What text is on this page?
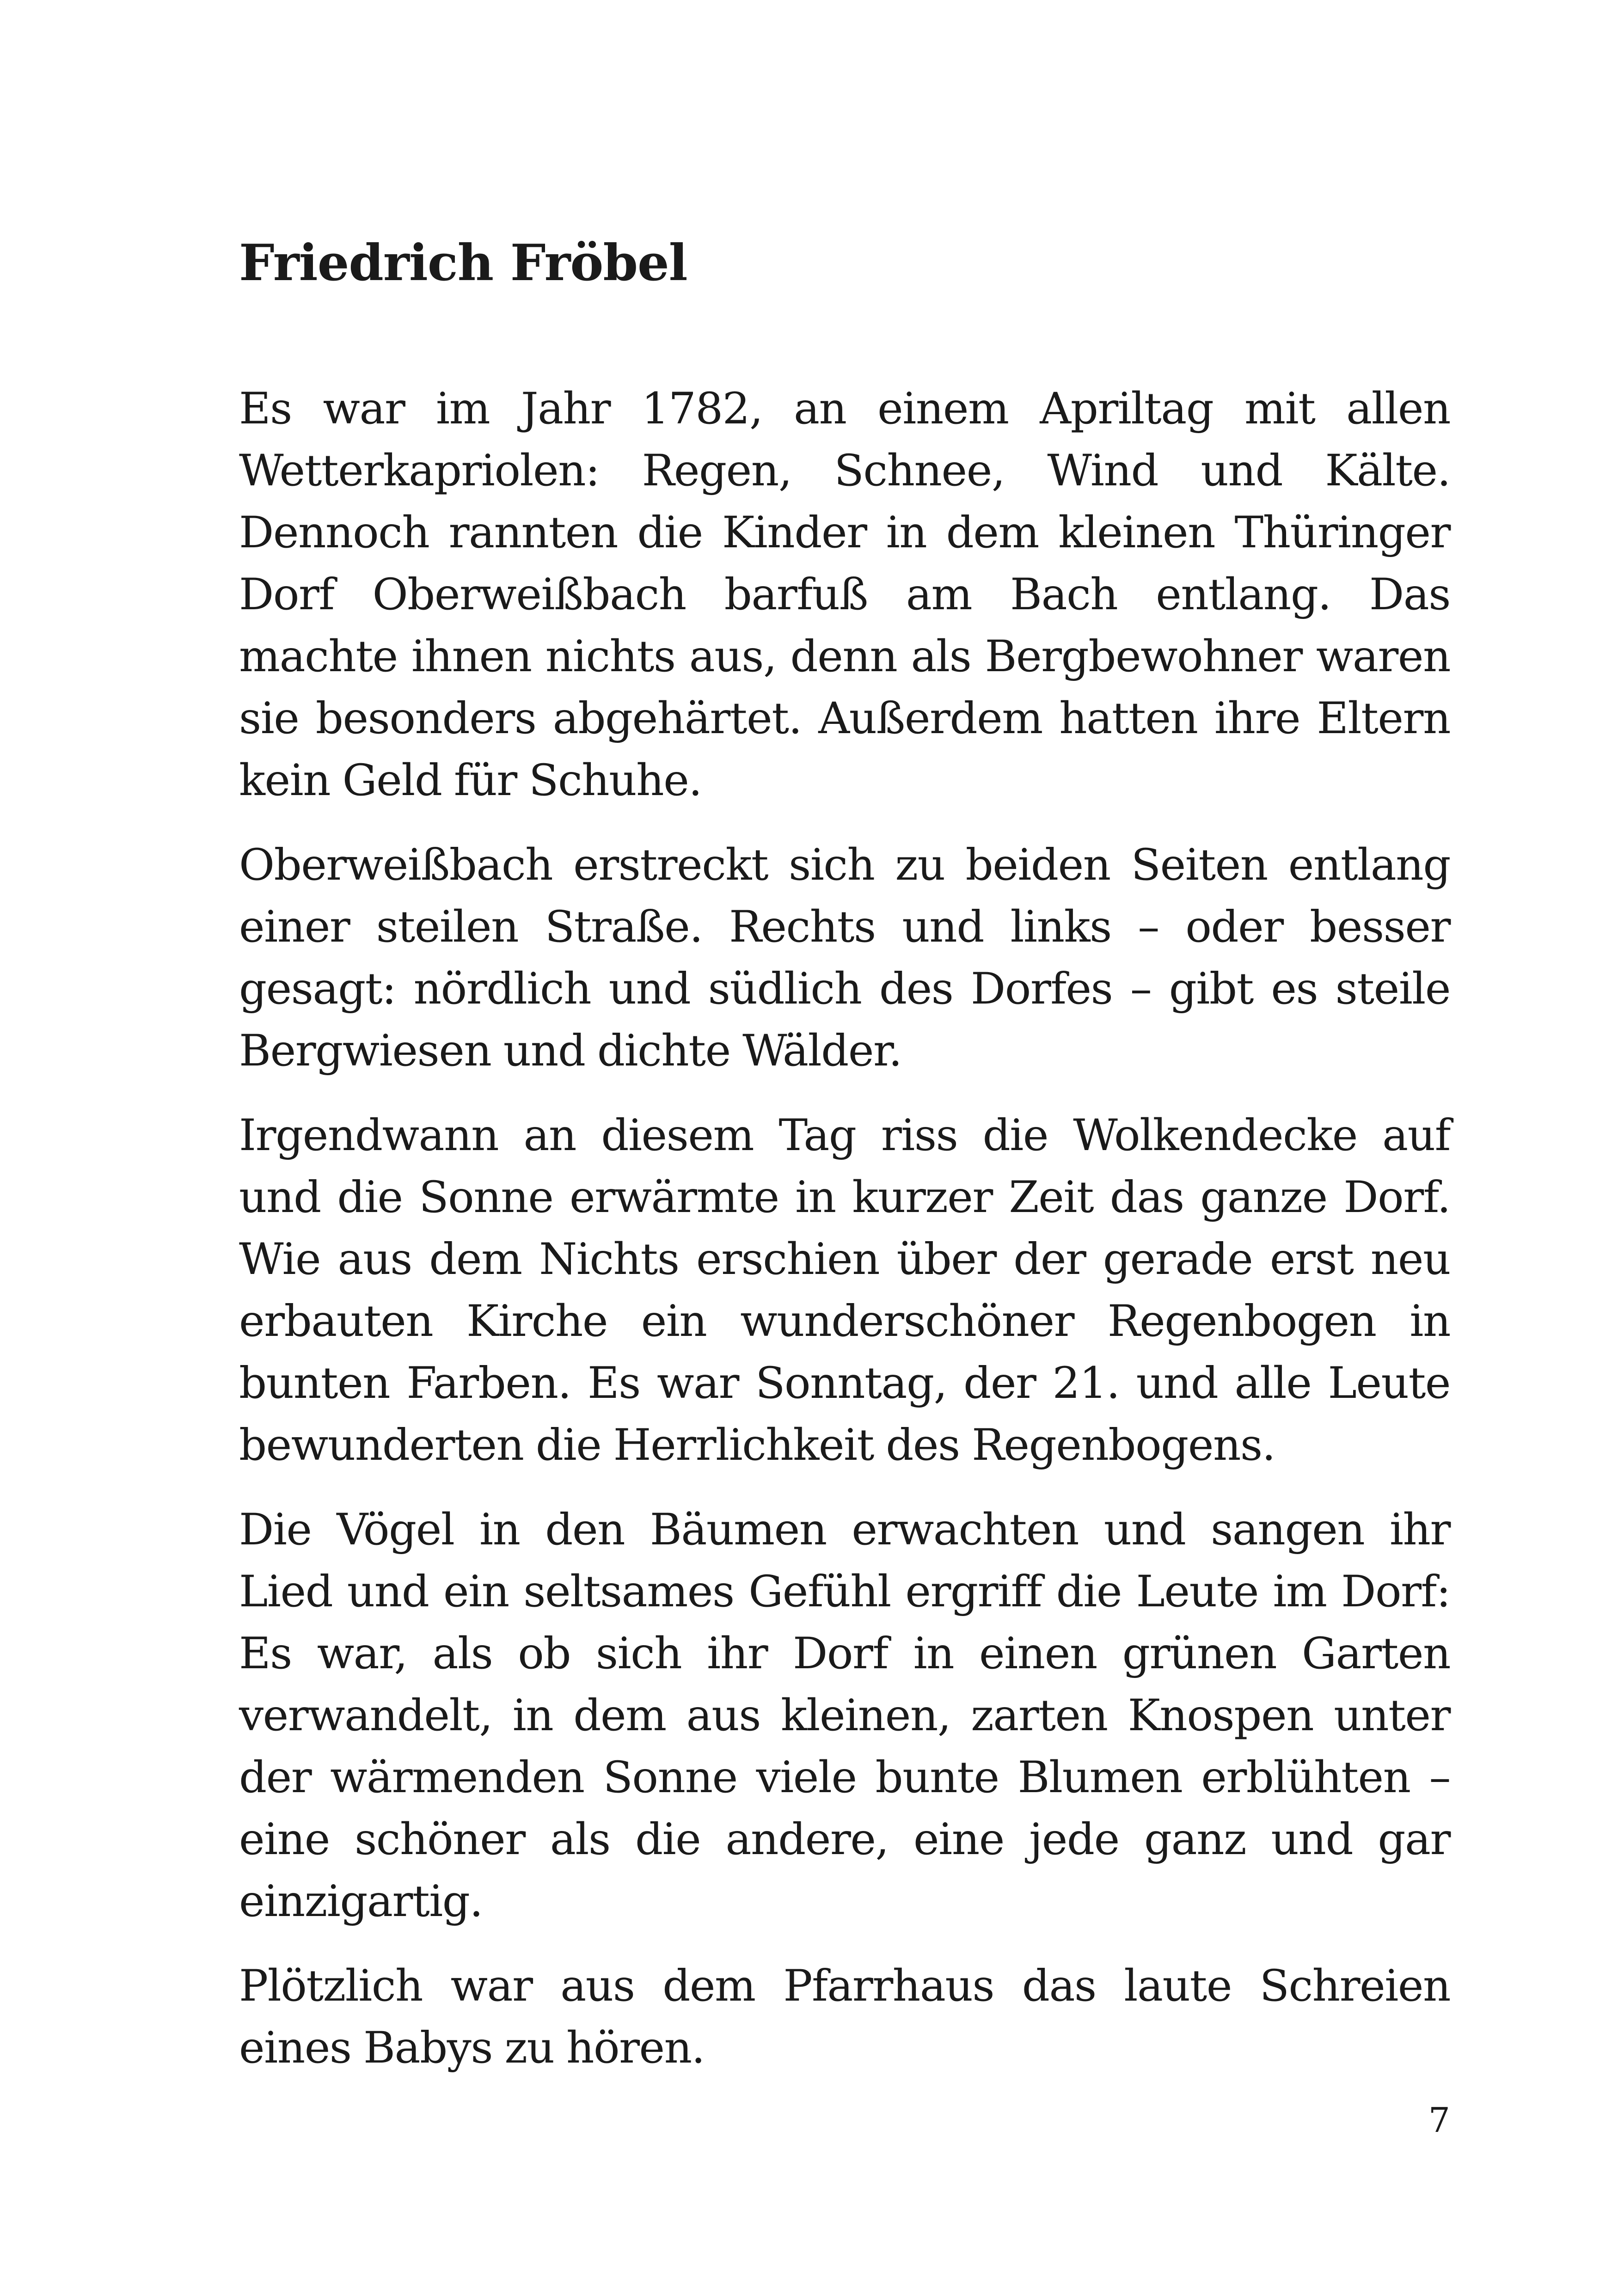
Friedrich Fröbel

Es war im Jahr 1782, an einem Apriltag mit allen Wetterkapriolen: Regen, Schnee, Wind und Kälte. Dennoch rannten die Kinder in dem kleinen Thüringer Dorf Oberweißbach barfuß am Bach entlang. Das machte ihnen nichts aus, denn als Bergbewohner waren sie besonders abgehärtet. Außerdem hatten ihre Eltern kein Geld für Schuhe.

Oberweißbach erstreckt sich zu beiden Seiten entlang einer steilen Straße. Rechts und links – oder besser gesagt: nördlich und südlich des Dorfes – gibt es steile Bergwiesen und dichte Wälder.

Irgendwann an diesem Tag riss die Wolkendecke auf und die Sonne erwärmte in kurzer Zeit das ganze Dorf. Wie aus dem Nichts erschien über der gerade erst neu erbauten Kirche ein wunderschöner Regenbogen in bunten Farben. Es war Sonntag, der 21. und alle Leute bewunderten die Herrlichkeit des Regenbogens.

Die Vögel in den Bäumen erwachten und sangen ihr Lied und ein seltsames Gefühl ergriff die Leute im Dorf: Es war, als ob sich ihr Dorf in einen grünen Garten verwandelt, in dem aus kleinen, zarten Knospen unter der wärmenden Sonne viele bunte Blumen erblühten – eine schöner als die andere, eine jede ganz und gar einzigartig.

Plötzlich war aus dem Pfarrhaus das laute Schreien eines Babys zu hören.

7
